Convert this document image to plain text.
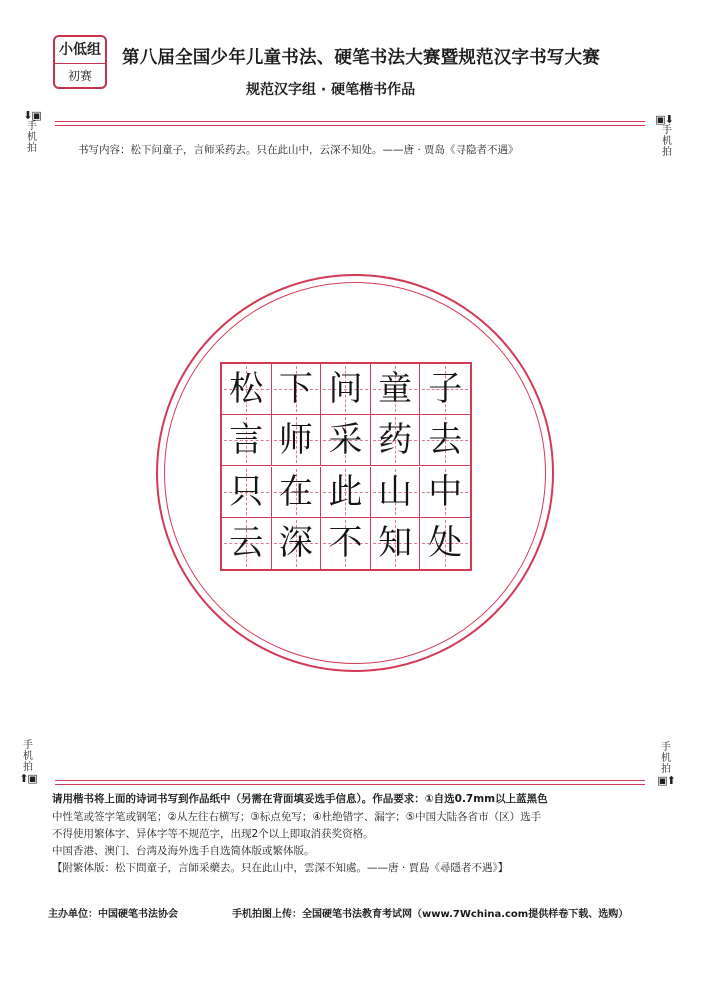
小低组
初赛
第八届全国少年儿童书法、硬笔书法大赛暨规范汉字书写大赛
规范汉字组 · 硬笔楷书作品
⬇▣
手机拍
▣⬇
手机拍
书写内容：松下问童子，言师采药去。只在此山中，云深不知处。——唐 · 贾岛《寻隐者不遇》
松 下 问 童 子
言 师 采 药 去
只 在 此 山 中
云 深 不 知 处
手机拍
⬆▣
手机拍
▣⬆
请用楷书将上面的诗词书写到作品纸中（另需在背面填妥选手信息）。作品要求：①自选0.7mm以上蓝黑色
中性笔或签字笔或钢笔；②从左往右横写；③标点免写；④杜绝错字、漏字；⑤中国大陆各省市（区）选手
不得使用繁体字、异体字等不规范字，出现2个以上即取消获奖资格。
中国香港、澳门、台湾及海外选手自选简体版或繁体版。
【附繁体版：松下問童子，言師采藥去。只在此山中，雲深不知處。——唐 · 賈島《尋隱者不遇》】
主办单位：中国硬笔书法协会	手机拍图上传：全国硬笔书法教育考试网（www.7Wchina.com提供样卷下载、选购）
